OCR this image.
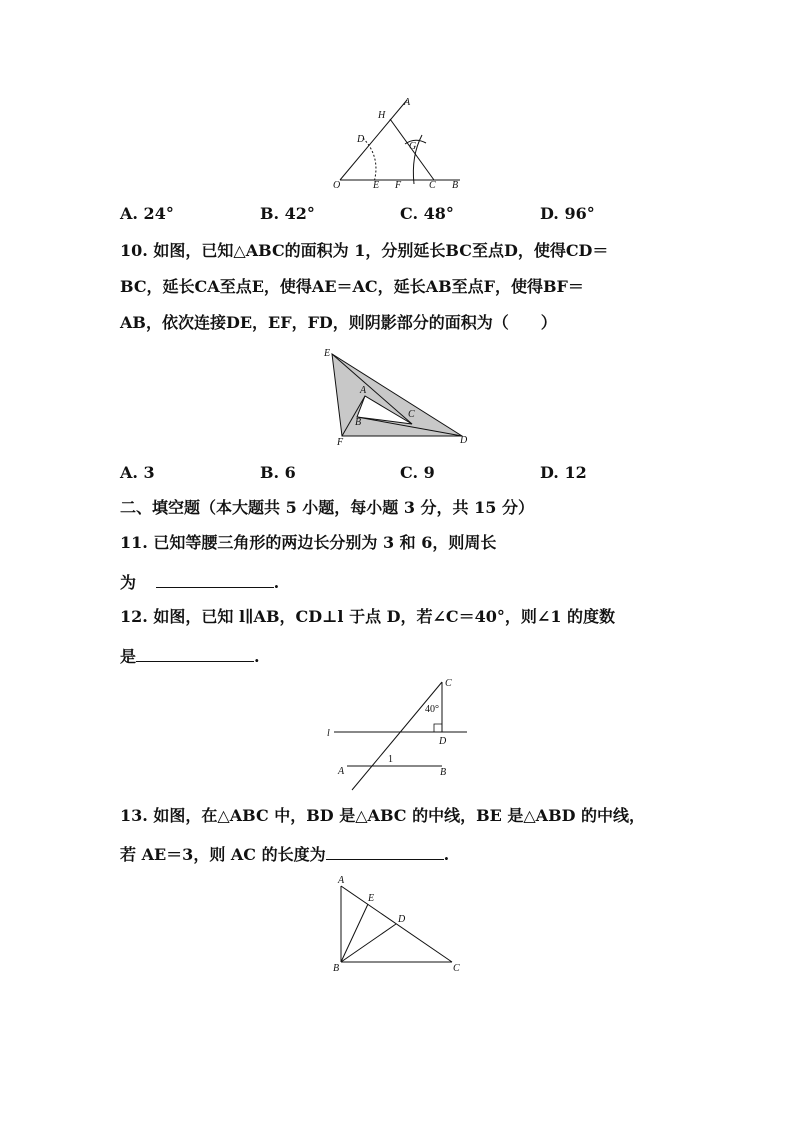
A
H
D
G
O	E F	C B
A. 24°	B. 42°	C. 48°	D. 96°
10. 如图，已知△ABC的面积为 1，分别延长BC至点D，使得CD＝
BC，延长CA至点E，使得AE＝AC，延长AB至点F，使得BF＝
AB，依次连接DE，EF，FD，则阴影部分的面积为（　　）
E
A
B
C
F	D
A. 3	B. 6	C. 9	D. 12
二、填空题（本大题共 5 小题，每小题 3 分，共 15 分）
11. 已知等腰三角形的两边长分别为 3 和 6，则周长
为	.
12. 如图，已知 l∥AB，CD⊥l 于点 D，若∠C＝40°，则∠1 的度数
是	.
C
40°
l
D
A
1
B
13. 如图，在△ABC 中，BD 是△ABC 的中线，BE 是△ABD 的中线，
若 AE＝3，则 AC 的长度为	.
A
E
D
B	C
